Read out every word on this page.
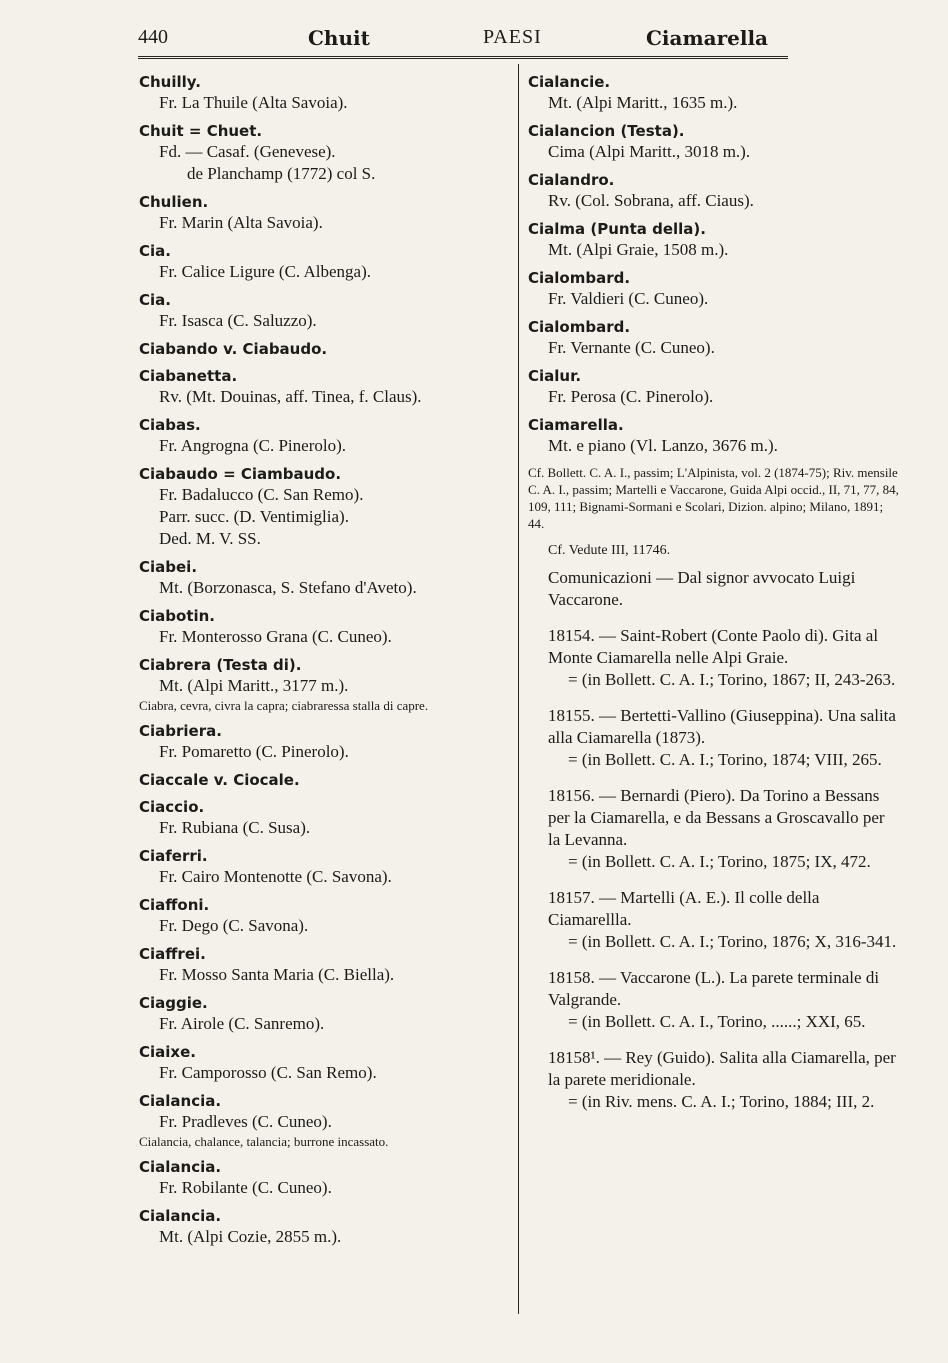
440	Chuit	PAESI	Ciamarella
Chuilly.
Fr. La Thuile (Alta Savoia).
Chuit = Chuet.
Fd. — Casaf. (Genevese).
de Planchamp (1772) col S.
Chulien.
Fr. Marin (Alta Savoia).
Cia.
Fr. Calice Ligure (C. Albenga).
Cia.
Fr. Isasca (C. Saluzzo).
Ciabando v. Ciabaudo.
Ciabanetta.
Rv. (Mt. Douinas, aff. Tinea, f. Claus).
Ciabas.
Fr. Angrogna (C. Pinerolo).
Ciabaudo = Ciambaudo.
Fr. Badalucco (C. San Remo).
Parr. succ. (D. Ventimiglia).
Ded. M. V. SS.
Ciabei.
Mt. (Borzonasca, S. Stefano d'Aveto).
Ciabotin.
Fr. Monterosso Grana (C. Cuneo).
Ciabrera (Testa di).
Mt. (Alpi Maritt., 3177 m.).
Ciabra, cevra, civra la capra; ciabraressa stalla di capre.
Ciabriera.
Fr. Pomaretto (C. Pinerolo).
Ciaccale v. Ciocale.
Ciaccio.
Fr. Rubiana (C. Susa).
Ciaferri.
Fr. Cairo Montenotte (C. Savona).
Ciaffoni.
Fr. Dego (C. Savona).
Ciaffrei.
Fr. Mosso Santa Maria (C. Biella).
Ciaggie.
Fr. Airole (C. Sanremo).
Ciaixe.
Fr. Camporosso (C. San Remo).
Cialancia.
Fr. Pradleves (C. Cuneo).
Cialancia, chalance, talancia; burrone incassato.
Cialancia.
Fr. Robilante (C. Cuneo).
Cialancia.
Mt. (Alpi Cozie, 2855 m.).
Cialancie.
Mt. (Alpi Maritt., 1635 m.).
Cialancion (Testa).
Cima (Alpi Maritt., 3018 m.).
Cialandro.
Rv. (Col. Sobrana, aff. Ciaus).
Cialma (Punta della).
Mt. (Alpi Graie, 1508 m.).
Cialombard.
Fr. Valdieri (C. Cuneo).
Cialombard.
Fr. Vernante (C. Cuneo).
Cialur.
Fr. Perosa (C. Pinerolo).
Ciamarella.
Mt. e piano (Vl. Lanzo, 3676 m.).
Cf. Bollett. C. A. I., passim; L'Alpinista, vol. 2 (1874-75); Riv. mensile C. A. I., passim; Martelli e Vaccarone, Guida Alpi occid., II, 71, 77, 84, 109, 111; Bignami-Sormani e Scolari, Dizion. alpino; Milano, 1891; 44.
Cf. Vedute III, 11746.
Comunicazioni — Dal signor avvocato Luigi Vaccarone.
18154. — Saint-Robert (Conte Paolo di). Gita al Monte Ciamarella nelle Alpi Graie.
= (in Bollett. C. A. I.; Torino, 1867; II, 243-263.
18155. — Bertetti-Vallino (Giuseppina). Una salita alla Ciamarella (1873).
= (in Bollett. C. A. I.; Torino, 1874; VIII, 265.
18156. — Bernardi (Piero). Da Torino a Bessans per la Ciamarella, e da Bessans a Groscavallo per la Levanna.
= (in Bollett. C. A. I.; Torino, 1875; IX, 472.
18157. — Martelli (A. E.). Il colle della Ciamarellla.
= (in Bollett. C. A. I.; Torino, 1876; X, 316-341.
18158. — Vaccarone (L.). La parete terminale di Valgrande.
= (in Bollett. C. A. I., Torino, ......; XXI, 65.
18158¹. — Rey (Guido). Salita alla Ciamarella, per la parete meridionale.
= (in Riv. mens. C. A. I.; Torino, 1884; III, 2.
